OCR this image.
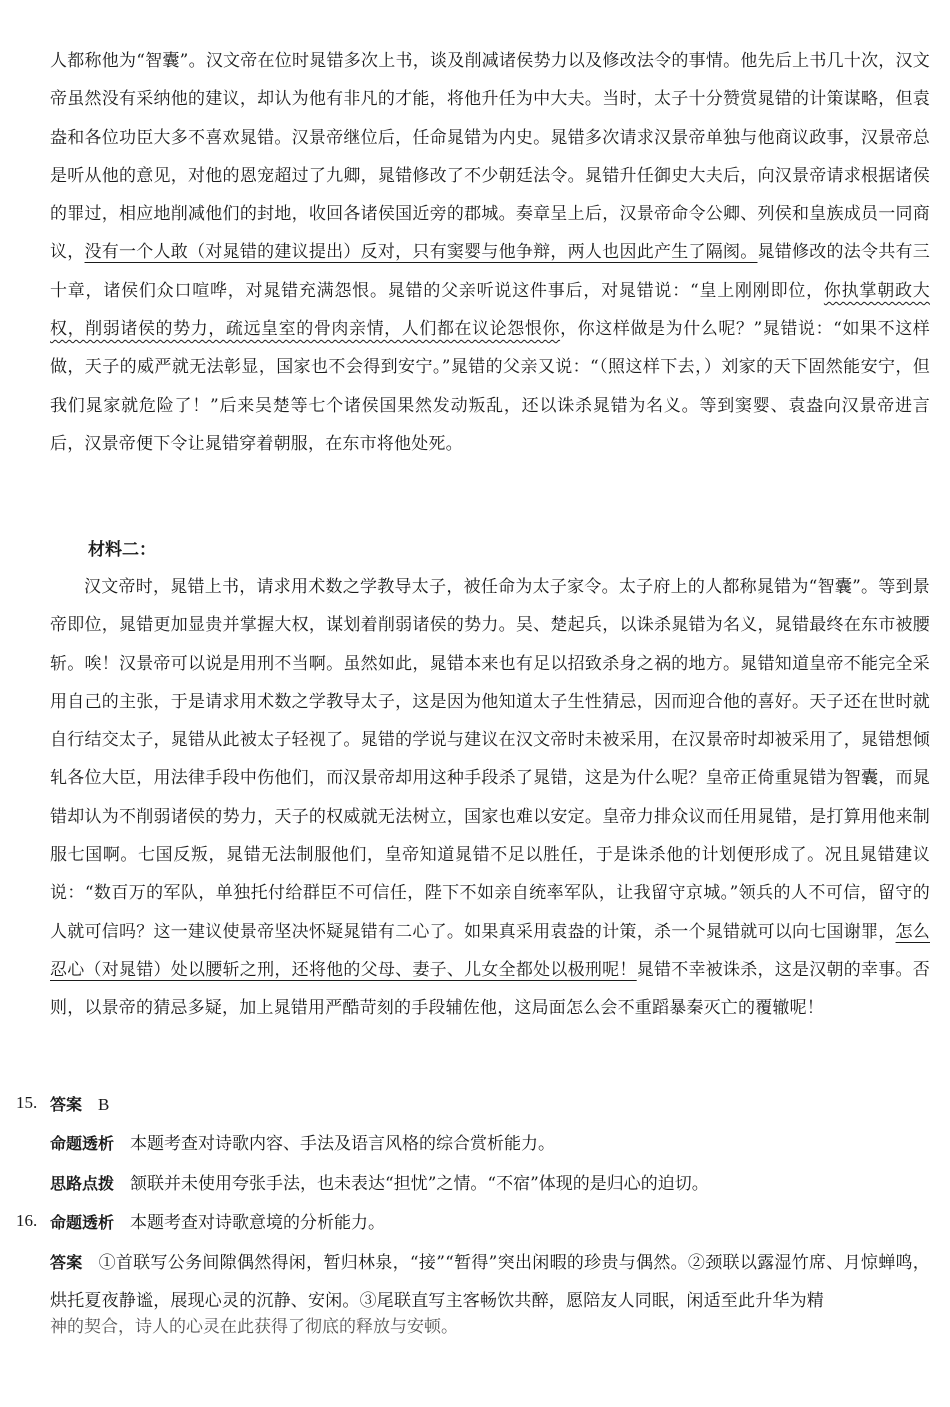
人都称他为“智囊”。汉文帝在位时晁错多次上书，谈及削减诸侯势力以及修改法令的事情。他先后上书几十次，汉文帝虽然没有采纳他的建议，却认为他有非凡的才能，将他升任为中大夫。当时，太子十分赞赏晁错的计策谋略，但袁盎和各位功臣大多不喜欢晁错。汉景帝继位后，任命晁错为内史。晁错多次请求汉景帝单独与他商议政事，汉景帝总是听从他的意见，对他的恩宠超过了九卿，晁错修改了不少朝廷法令。晁错升任御史大夫后，向汉景帝请求根据诸侯的罪过，相应地削减他们的封地，收回各诸侯国近旁的郡城。奏章呈上后，汉景帝命令公卿、列侯和皇族成员一同商议，没有一个人敢（对晁错的建议提出）反对，只有窦婴与他争辩，两人也因此产生了隔阂。晁错修改的法令共有三十章，诸侯们众口喧哗，对晁错充满怨恨。晁错的父亲听说这件事后，对晁错说：“皇上刚刚即位，你执掌朝政大权，削弱诸侯的势力，疏远皇室的骨肉亲情，人们都在议论怨恨你，你这样做是为什么呢？”晁错说：“如果不这样做，天子的威严就无法彰显，国家也不会得到安宁。”晁错的父亲又说：“（照这样下去，）刘家的天下固然能安宁，但我们晁家就危险了！”后来吴楚等七个诸侯国果然发动叛乱，还以诛杀晁错为名义。等到窦婴、袁盎向汉景帝进言后，汉景帝便下令让晁错穿着朝服，在东市将他处死。

材料二：

汉文帝时，晁错上书，请求用术数之学教导太子，被任命为太子家令。太子府上的人都称晁错为“智囊”。等到景帝即位，晁错更加显贵并掌握大权，谋划着削弱诸侯的势力。吴、楚起兵，以诛杀晁错为名义，晁错最终在东市被腰斩。唉！汉景帝可以说是用刑不当啊。虽然如此，晁错本来也有足以招致杀身之祸的地方。晁错知道皇帝不能完全采用自己的主张，于是请求用术数之学教导太子，这是因为他知道太子生性猜忌，因而迎合他的喜好。天子还在世时就自行结交太子，晁错从此被太子轻视了。晁错的学说与建议在汉文帝时未被采用，在汉景帝时却被采用了，晁错想倾轧各位大臣，用法律手段中伤他们，而汉景帝却用这种手段杀了晁错，这是为什么呢？皇帝正倚重晁错为智囊，而晁错却认为不削弱诸侯的势力，天子的权威就无法树立，国家也难以安定。皇帝力排众议而任用晁错，是打算用他来制服七国啊。七国反叛，晁错无法制服他们，皇帝知道晁错不足以胜任，于是诛杀他的计划便形成了。况且晁错建议说：“数百万的军队，单独托付给群臣不可信任，陛下不如亲自统率军队，让我留守京城。”领兵的人不可信，留守的人就可信吗？这一建议使景帝坚决怀疑晁错有二心了。如果真采用袁盎的计策，杀一个晁错就可以向七国谢罪，怎么忍心（对晁错）处以腰斩之刑，还将他的父母、妻子、儿女全都处以极刑呢！晁错不幸被诛杀，这是汉朝的幸事。否则，以景帝的猜忌多疑，加上晁错用严酷苛刻的手段辅佐他，这局面怎么会不重蹈暴秦灭亡的覆辙呢！

15. 答案 B
命题透析 本题考查对诗歌内容、手法及语言风格的综合赏析能力。
思路点拨 颔联并未使用夸张手法，也未表达“担忧”之情。“不宿”体现的是归心的迫切。
16. 命题透析 本题考查对诗歌意境的分析能力。

答案 ①首联写公务间隙偶然得闲，暂归林泉，“接”“暂得”突出闲暇的珍贵与偶然。②颈联以露湿竹席、月惊蝉鸣，烘托夏夜静谧，展现心灵的沉静、安闲。③尾联直写主客畅饮共醉，愿陪友人同眠，闲适至此升华为精

神的契合，诗人的心灵在此获得了彻底的释放与安顿。
